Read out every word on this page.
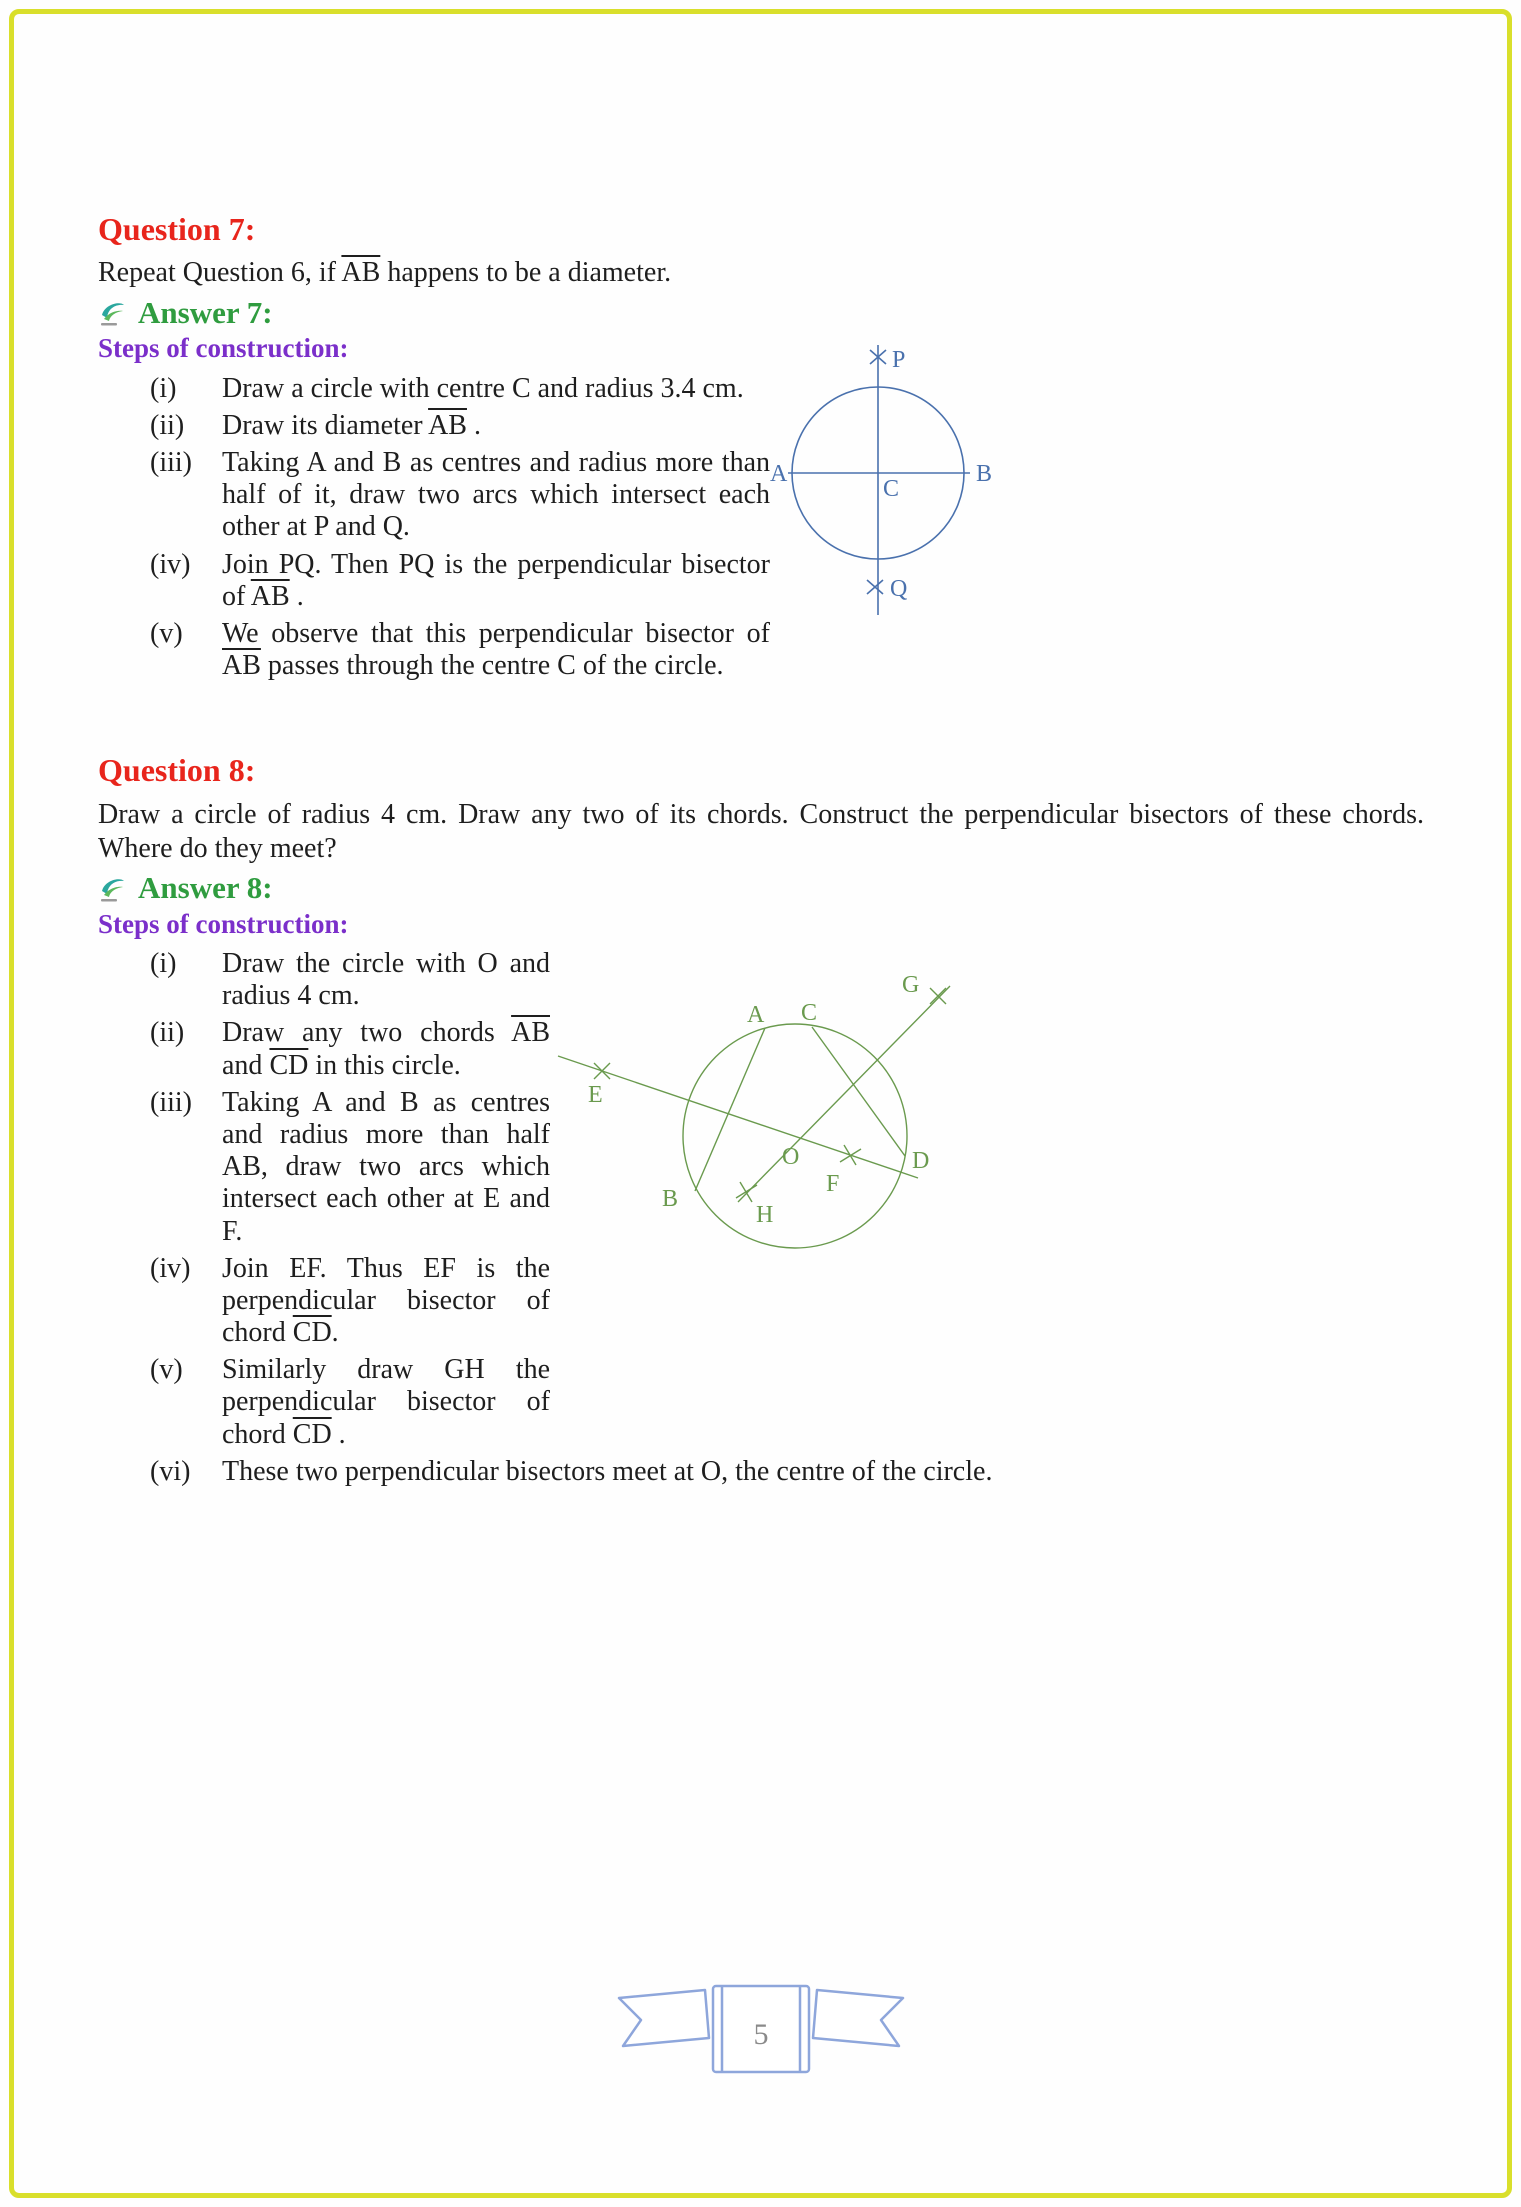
Question 7:

Repeat Question 6, if $\overline{AB}$ happens to be a diameter.

Answer 7:
Steps of construction:
(i)	Draw a circle with centre C and radius 3.4 cm.
(ii)	Draw its diameter $\overline{AB}$ .
(iii)	Taking A and B as centres and radius more than half of it, draw two arcs which intersect each other at P and Q.
(iv)	Join PQ. Then PQ is the perpendicular bisector of $\overline{AB}$ .
(v)	We observe that this perpendicular bisector of $\overline{AB}$ passes through the centre C of the circle.
P
A	B
C
Q
Question 8:

Draw a circle of radius 4 cm. Draw any two of its chords. Construct the perpendicular bisectors of these chords. Where do they meet?

Answer 8:
Steps of construction:
(i)	Draw the circle with O and radius 4 cm.
(ii)	Draw any two chords $\overline{AB}$ and $\overline{CD}$ in this circle.
(iii)	Taking A and B as centres and radius more than half AB, draw two arcs which intersect each other at E and F.
(iv)	Join EF. Thus EF is the perpendicular bisector of chord $\overline{CD}$.
(v)	Similarly draw GH the perpendicular bisector of chord $\overline{CD}$ .
(vi)	These two perpendicular bisectors meet at O, the centre of the circle.
A C
G
E
B
H
F
O	D
5
